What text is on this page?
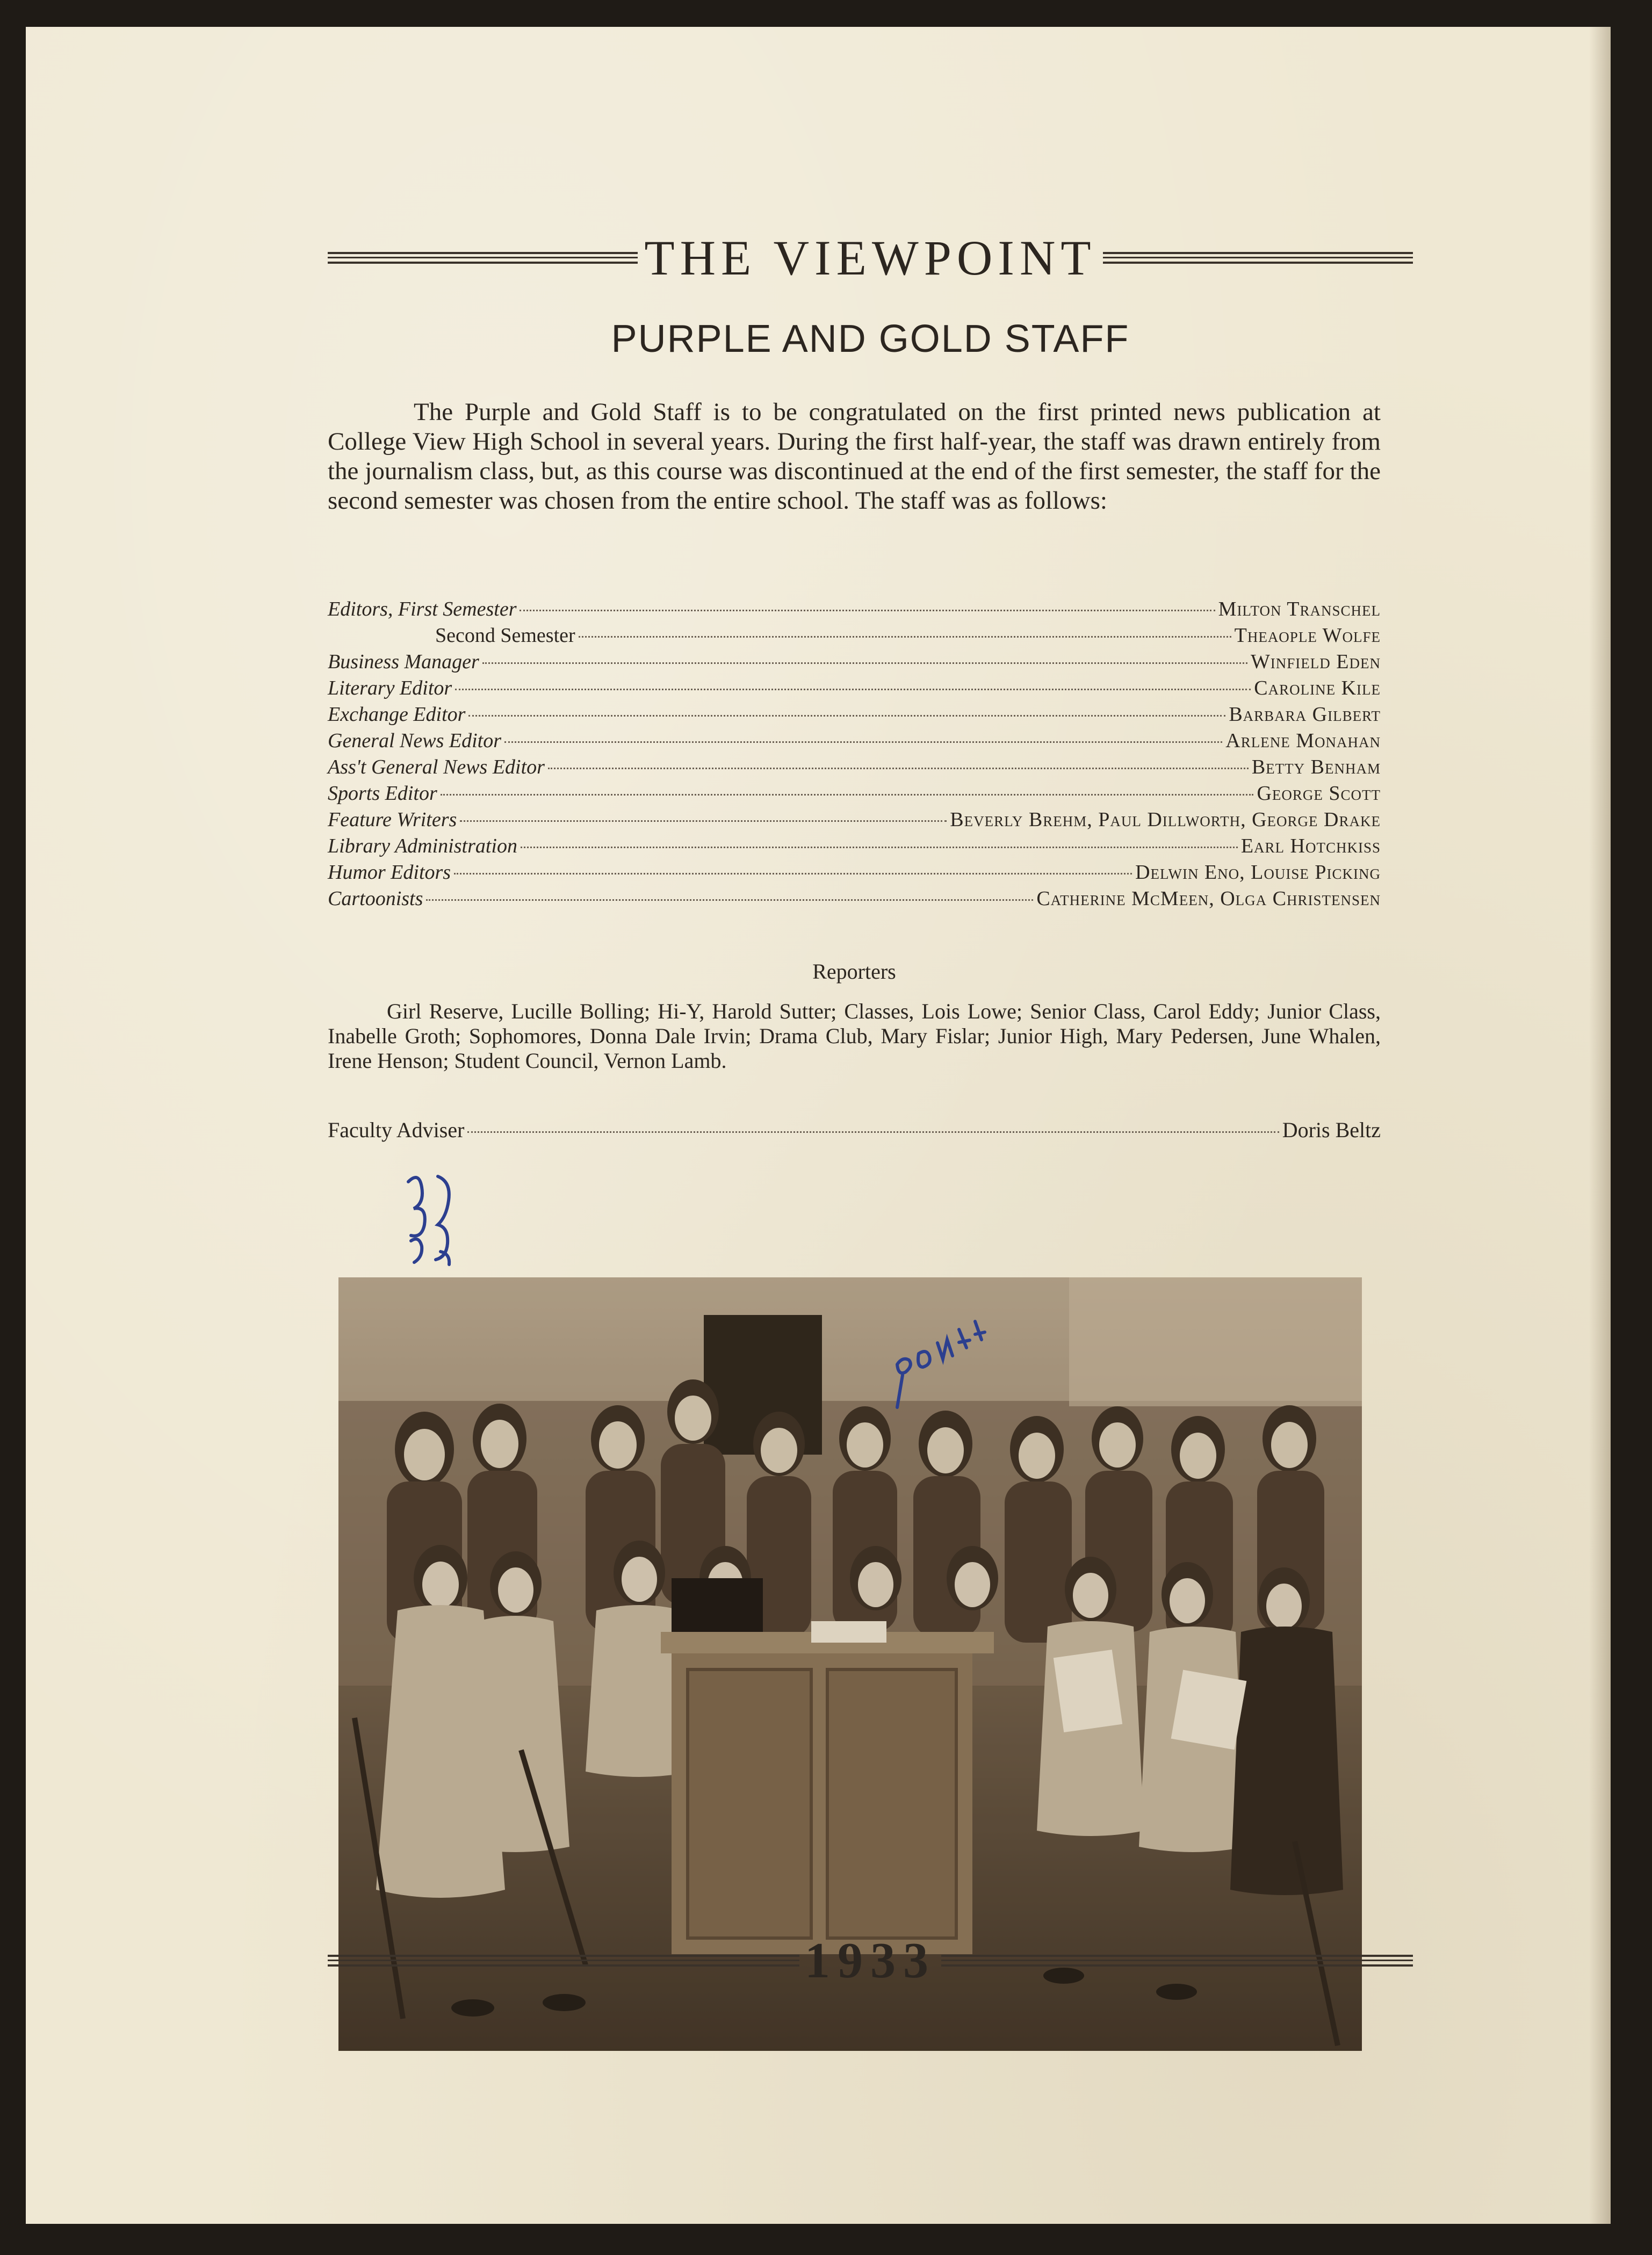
THE VIEWPOINT
PURPLE AND GOLD STAFF
The Purple and Gold Staff is to be congratulated on the first printed news publication at College View High School in several years. During the first half-year, the staff was drawn entirely from the journalism class, but, as this course was discontinued at the end of the first semester, the staff for the second semester was chosen from the entire school. The staff was as follows:
Editors, First Semester	Milton Transchel
Second Semester	Theaople Wolfe
Business Manager	Winfield Eden
Literary Editor	Caroline Kile
Exchange Editor	Barbara Gilbert
General News Editor	Arlene Monahan
Ass't General News Editor	Betty Benham
Sports Editor	George Scott
Feature Writers	Beverly Brehm, Paul Dillworth, George Drake
Library Administration	Earl Hotchkiss
Humor Editors	Delwin Eno, Louise Picking
Cartoonists	Catherine McMeen, Olga Christensen
Reporters
Girl Reserve, Lucille Bolling; Hi-Y, Harold Sutter; Classes, Lois Lowe; Senior Class, Carol Eddy; Junior Class, Inabelle Groth; Sophomores, Donna Dale Irvin; Drama Club, Mary Fislar; Junior High, Mary Pedersen, June Whalen, Irene Henson; Student Council, Vernon Lamb.
Faculty Adviser	Doris Beltz
1933
